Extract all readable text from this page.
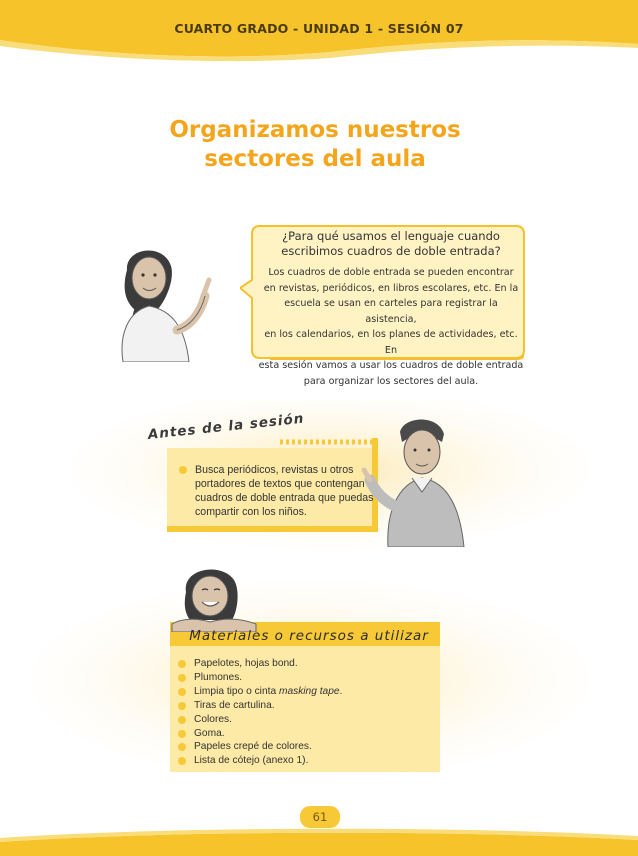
CUARTO GRADO - UNIDAD 1 - SESIÓN 07
Organizamos nuestros
sectores del aula
¿Para qué usamos el lenguaje cuando
escribimos cuadros de doble entrada?
Los cuadros de doble entrada se pueden encontrar
en revistas, periódicos, en libros escolares, etc. En la
escuela se usan en carteles para registrar la asistencia,
en los calendarios, en los planes de actividades, etc. En
esta sesión vamos a usar los cuadros de doble entrada
para organizar los sectores del aula.
Antes de la sesión
Busca periódicos, revistas u otros
portadores de textos que contengan
cuadros de doble entrada que puedas
compartir con los niños.
Materiales o recursos a utilizar
Papelotes, hojas bond.
Plumones.
Limpia tipo o cinta masking tape.
Tiras de cartulina.
Colores.
Goma.
Papeles crepé de colores.
Lista de cótejo (anexo 1).
61
